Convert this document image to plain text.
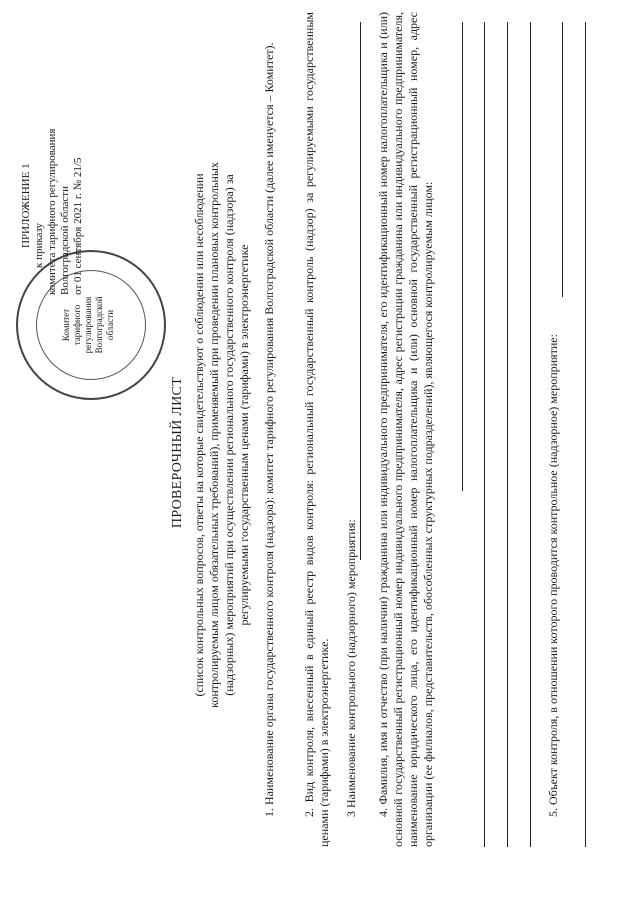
Комитет тарифного регулирования Волгоградской области
ПРИЛОЖЕНИЕ 1 к приказу комитета тарифного регулирования Волгоградской области от 01 сентября 2021 г. № 21/5
ПРОВЕРОЧНЫЙ ЛИСТ (список контрольных вопросов, ответы на которые свидетельствуют о соблюдении или несоблюдении контролируемым лицом обязательных требований), применяемый при проведении плановых контрольных (надзорных) мероприятий при осуществлении регионального государственного контроля (надзора) за регулируемыми государственным ценами (тарифами) в электроэнергетике 1. Наименование органа государственного контроля (надзора): комитет тарифного регулирования Волгоградской области (далее именуется – Комитет). 2. Вид контроля, внесенный в единый реестр видов контроля: региональный государственный контроль (надзор) за регулируемыми государственным ценами (тарифами) в электроэнергетике. 3 Наименование контрольного (надзорного) мероприятия: 4. Фамилия, имя и отчество (при наличии) гражданина или индивидуального предпринимателя, его идентификационный номер налогоплательщика и (или) основной государственный регистрационный номер индивидуального предпринимателя, адрес регистрации гражданина или индивидуального предпринимателя, наименование юридического лица, его идентификационный номер налогоплательщика и (или) основной государственный регистрационный номер, адрес организации (ее филиалов, представительств, обособленных структурных подразделений), являющегося контролируемым лицом:	5. Объект контроля, в отношении которого проводится контрольное (надзорное) мероприятие:
